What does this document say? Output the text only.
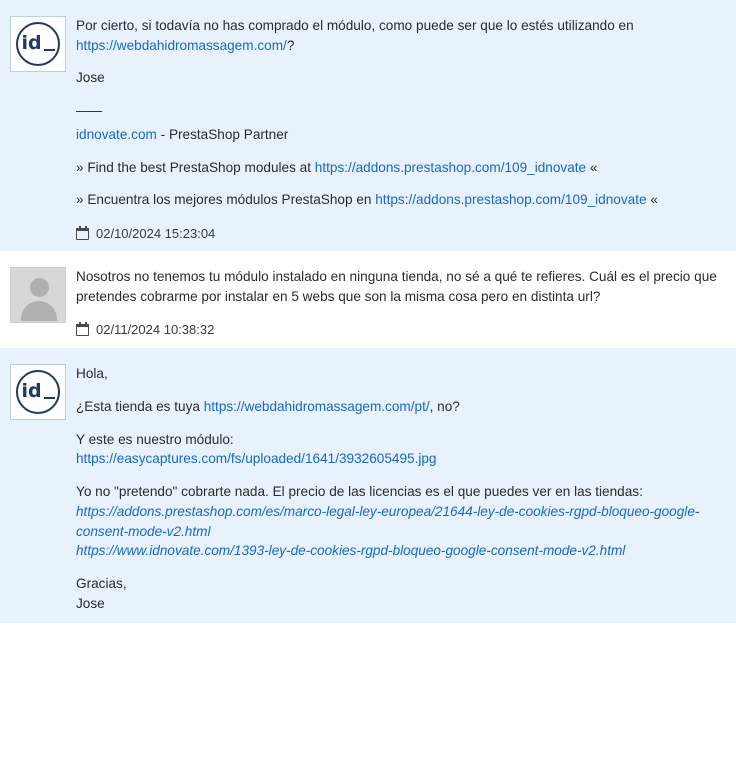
id
Por cierto, si todavía no has comprado el módulo, como puede ser que lo estés utilizando en https://webdahidromassagem.com/?
Jose
——
idnovate.com - PrestaShop Partner
» Find the best PrestaShop modules at https://addons.prestashop.com/109_idnovate «
» Encuentra los mejores módulos PrestaShop en https://addons.prestashop.com/109_idnovate «
02/10/2024 15:23:04
Nosotros no tenemos tu módulo instalado en ninguna tienda, no sé a qué te refieres. Cuál es el precio que pretendes cobrarme por instalar en 5 webs que son la misma cosa pero en distinta url?
02/11/2024 10:38:32
id
Hola,
¿Esta tienda es tuya https://webdahidromassagem.com/pt/, no?
Y este es nuestro módulo:
https://easycaptures.com/fs/uploaded/1641/3932605495.jpg
Yo no "pretendo" cobrarte nada. El precio de las licencias es el que puedes ver en las tiendas:
https://addons.prestashop.com/es/marco-legal-ley-europea/21644-ley-de-cookies-rgpd-bloqueo-google-consent-mode-v2.html
https://www.idnovate.com/1393-ley-de-cookies-rgpd-bloqueo-google-consent-mode-v2.html
Gracias,
Jose
